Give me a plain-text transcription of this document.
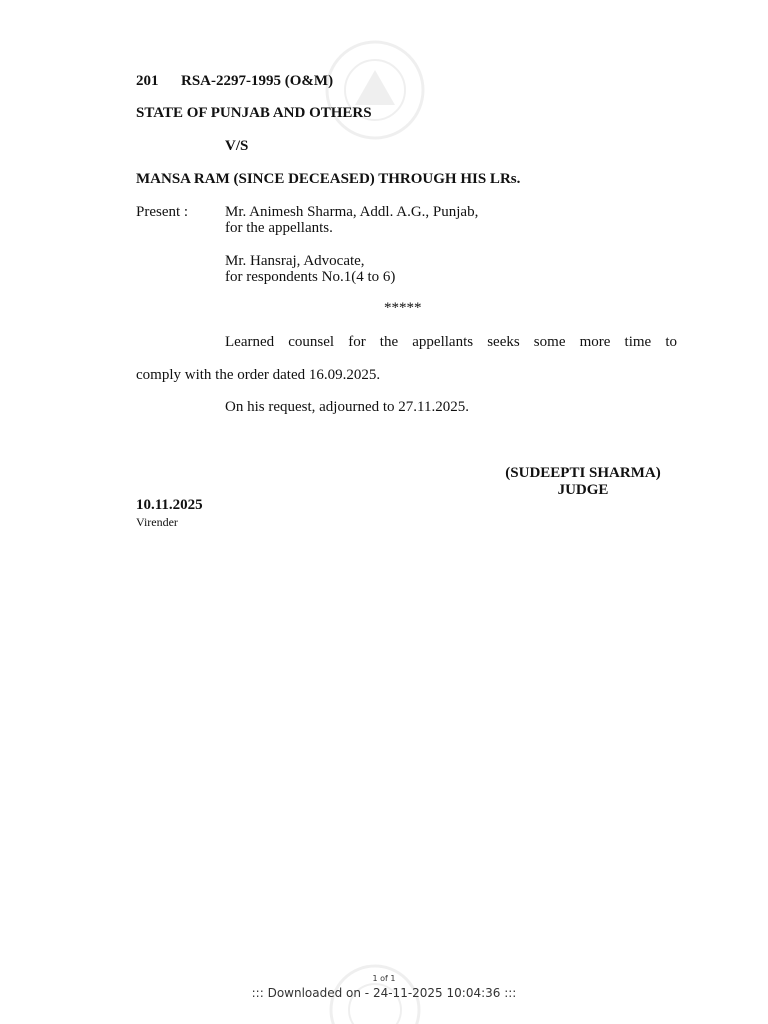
201 RSA-2297-1995 (O&M)
STATE OF PUNJAB AND OTHERS
V/S
MANSA RAM (SINCE DECEASED) THROUGH HIS LRs.
Present : Mr. Animesh Sharma, Addl. A.G., Punjab,
for the appellants.
Mr. Hansraj, Advocate,
for respondents No.1(4 to 6)
*****
Learned counsel for the appellants seeks some more time to
comply with the order dated 16.09.2025.
On his request, adjourned to 27.11.2025.
(SUDEEPTI SHARMA)
JUDGE
10.11.2025
Virender
1 of 1
::: Downloaded on - 24-11-2025 10:04:36 :::
